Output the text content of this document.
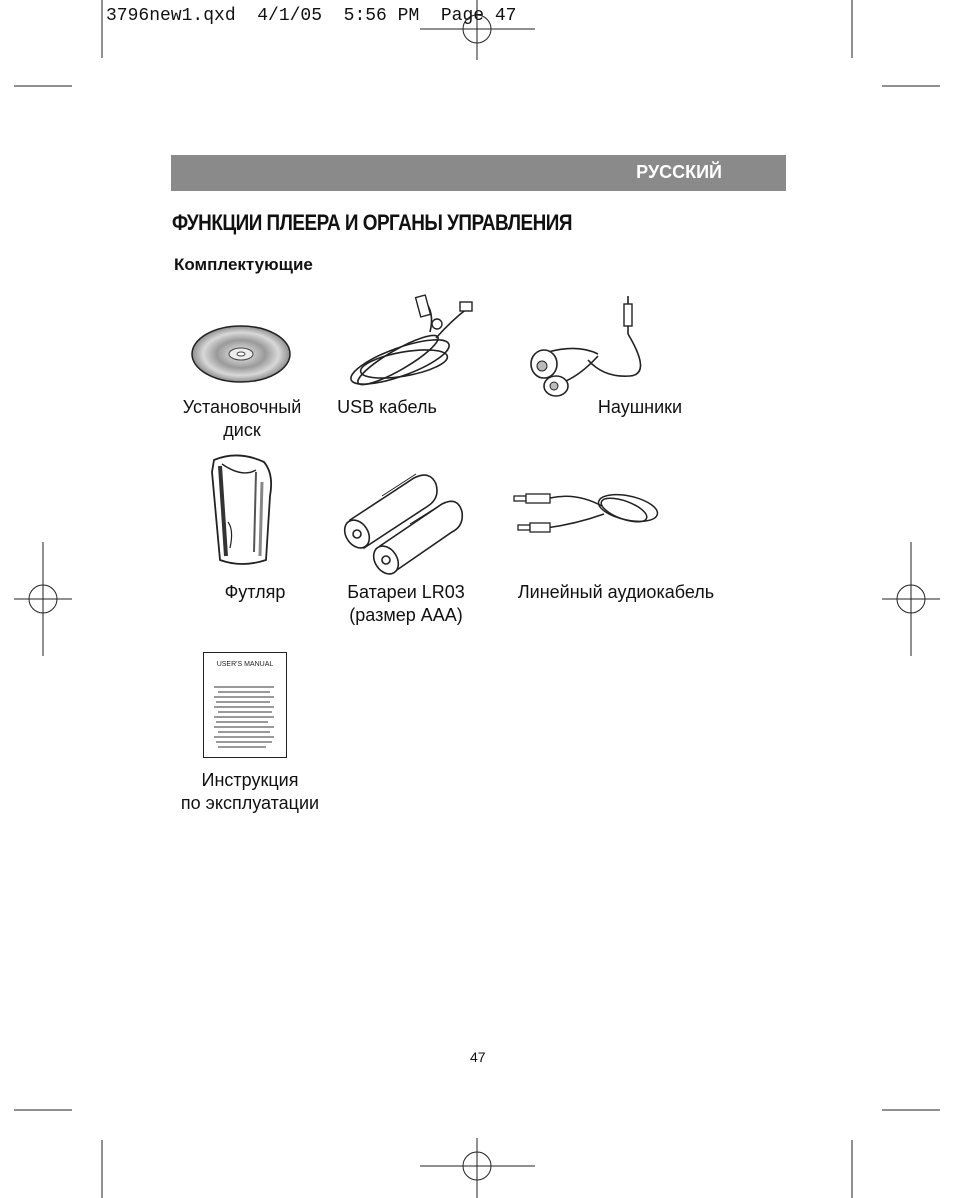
3796new1.qxd  4/1/05  5:56 PM  Page 47
РУССКИЙ
ФУНКЦИИ ПЛЕЕРА И ОРГАНЫ УПРАВЛЕНИЯ
Комплектующие
Установочный
диск
USB кабель	Наушники
Футляр	Батареи LR03
(размер AAA)
Линейный аудиокабель
USER'S MANUAL
Инструкция
по эксплуатации
47
